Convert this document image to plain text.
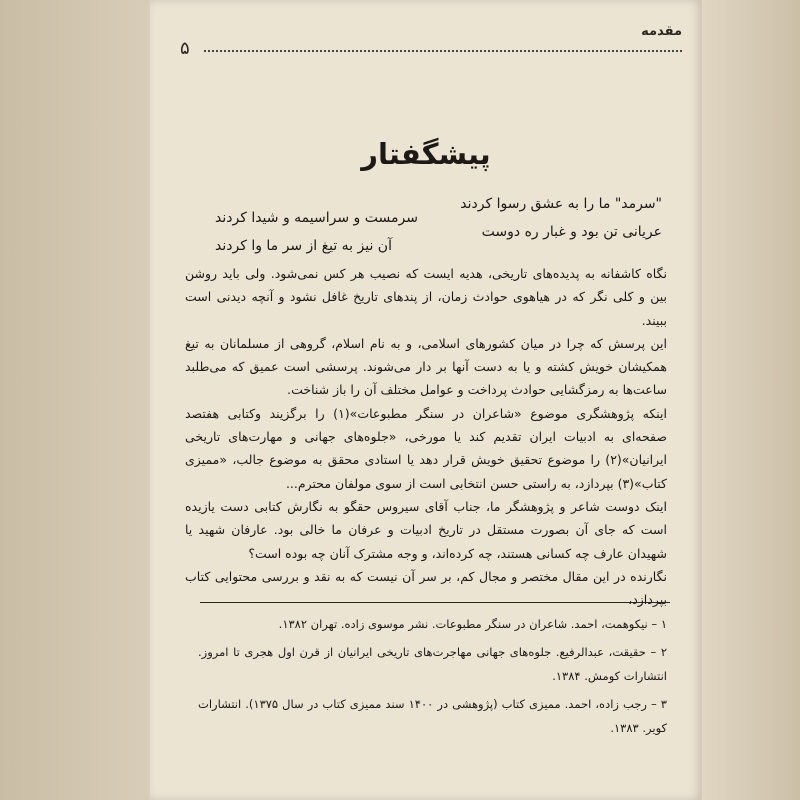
مقدمه
۵
پیشگفتار
"سرمد" ما را به عشق رسوا کردند
سرمست و سراسیمه و شیدا کردند
عریانی تن بود و غبار ره دوست
آن نیز به تیغ از سر ما وا کردند

نگاه کاشفانه به پدیده‌های تاریخی، هدیه ایست که نصیب هر کس نمی‌شود. ولی باید روشن بین و کلی نگر که در هیاهوی حوادث زمان، از پندهای تاریخ غافل نشود و آنچه دیدنی است ببیند.

این پرسش که چرا در میان کشورهای اسلامی، و به نام اسلام، گروهی از مسلمانان به تیغ همکیشان خویش کشته و یا به دست آنها بر دار می‌شوند. پرسشی است عمیق که می‌طلبد ساعت‌ها به رمزگشایی حوادث پرداخت و عوامل مختلف آن را باز شناخت.

اینکه پژوهشگری موضوع «شاعران در سنگر مطبوعات»(۱) را برگزیند وکتابی هفتصد صفحه‌ای به ادبیات ایران تقدیم کند یا مورخی، «جلوه‌های جهانی و مهارت‌های تاریخی ایرانیان»(۲) را موضوع تحقیق خویش قرار دهد یا استادی محقق به موضوع جالب، «ممیزی کتاب»(۳) بپردازد، به راستی حسن انتخابی است از سوی مولفان محترم...

اینک دوست شاعر و پژوهشگر ما، جناب آقای سیروس حقگو به نگارش کتابی دست یازیده است که جای آن بصورت مستقل در تاریخ ادبیات و عرفان ما خالی بود. عارفان شهید یا شهیدان عارف چه کسانی هستند، چه کرده‌اند، و وجه مشترک آنان چه بوده است؟

نگارنده در این مقال مختصر و مجال کم، بر سر آن نیست که به نقد و بررسی محتوایی کتاب بپردازد،

۱ – نیکوهمت، احمد. شاعران در سنگر مطبوعات. نشر موسوی زاده. تهران ۱۳۸۲.

۲ – حقیقت، عبدالرفیع. جلوه‌های جهانی مهاجرت‌های تاریخی ایرانیان از قرن اول هجری تا امروز. انتشارات کومش. ۱۳۸۴.

۳ – رجب زاده، احمد. ممیزی کتاب (پژوهشی در ۱۴۰۰ سند ممیزی کتاب در سال ۱۳۷۵). انتشارات کویر. ۱۳۸۳.
